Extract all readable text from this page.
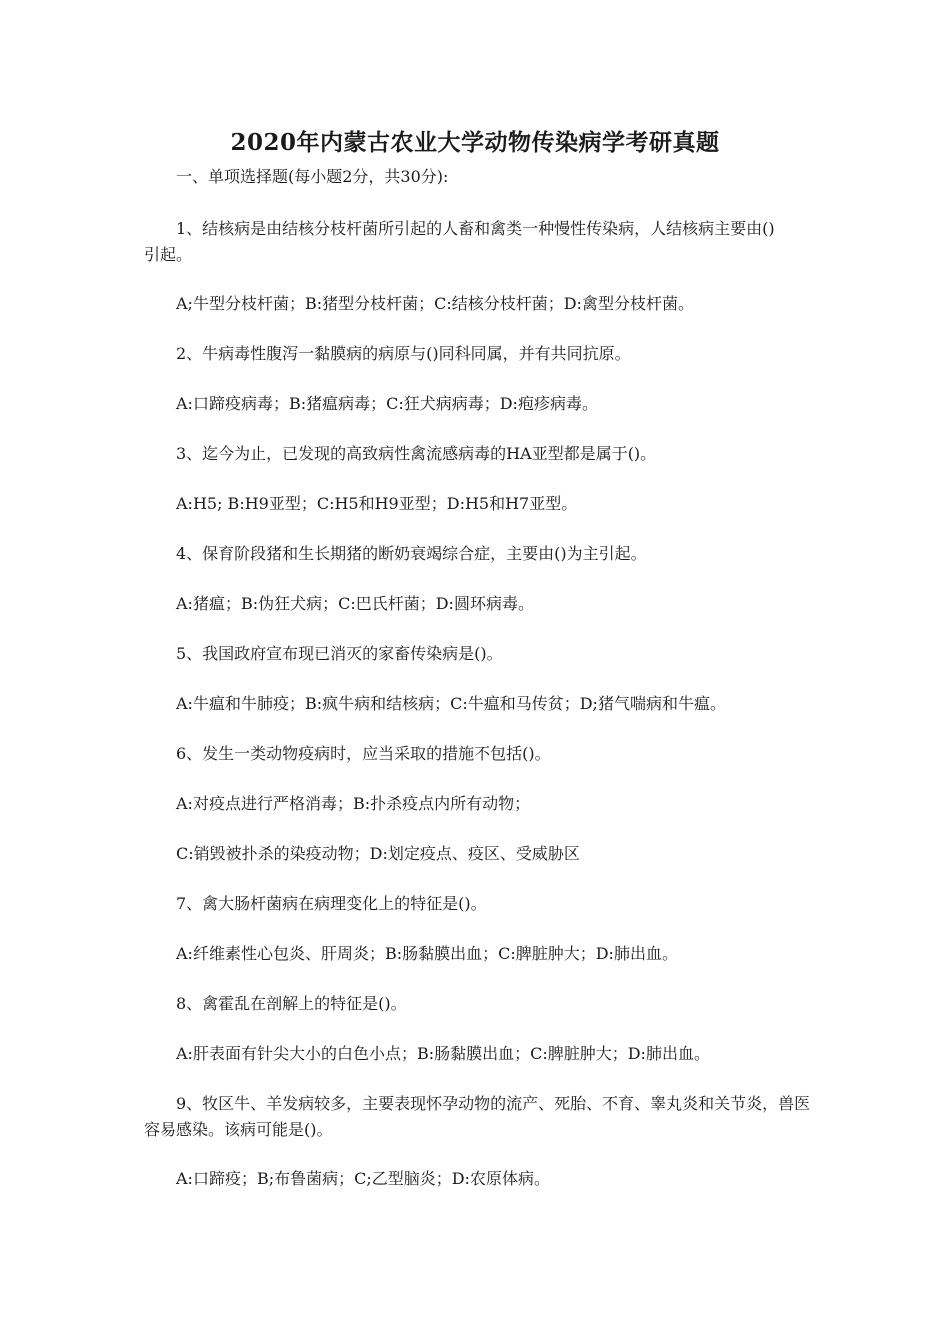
2020年内蒙古农业大学动物传染病学考研真题

一、单项选择题(每小题2分，共30分):

1、结核病是由结核分枝杆菌所引起的人畜和禽类一种慢性传染病，人结核病主要由()

引起。

A;牛型分枝杆菌；B:猪型分枝杆菌；C:结核分枝杆菌；D:禽型分枝杆菌。

2、牛病毒性腹泻一黏膜病的病原与()同科同属，并有共同抗原。

A:口蹄疫病毒；B:猪瘟病毒；C:狂犬病病毒；D:疱疹病毒。

3、迄今为止，已发现的高致病性禽流感病毒的HA亚型都是属于()。

A:H5; B:H9亚型；C:H5和H9亚型；D:H5和H7亚型。

4、保育阶段猪和生长期猪的断奶衰竭综合症，主要由()为主引起。

A:猪瘟；B:伪狂犬病；C:巴氏杆菌；D:圆环病毒。

5、我国政府宣布现已消灭的家畜传染病是()。

A:牛瘟和牛肺疫；B:疯牛病和结核病；C:牛瘟和马传贫；D;猪气喘病和牛瘟。

6、发生一类动物疫病时，应当采取的措施不包括()。

A:对疫点进行严格消毒；B:扑杀疫点内所有动物；

C:销毁被扑杀的染疫动物；D:划定疫点、疫区、受威胁区

7、禽大肠杆菌病在病理变化上的特征是()。

A:纤维素性心包炎、肝周炎；B:肠黏膜出血；C:脾脏肿大；D:肺出血。

8、禽霍乱在剖解上的特征是()。

A:肝表面有针尖大小的白色小点；B:肠黏膜出血；C:脾脏肿大；D:肺出血。

9、牧区牛、羊发病较多，主要表现怀孕动物的流产、死胎、不育、睾丸炎和关节炎，兽医

容易感染。该病可能是()。

A:口蹄疫；B;布鲁菌病；C;乙型脑炎；D:农原体病。
